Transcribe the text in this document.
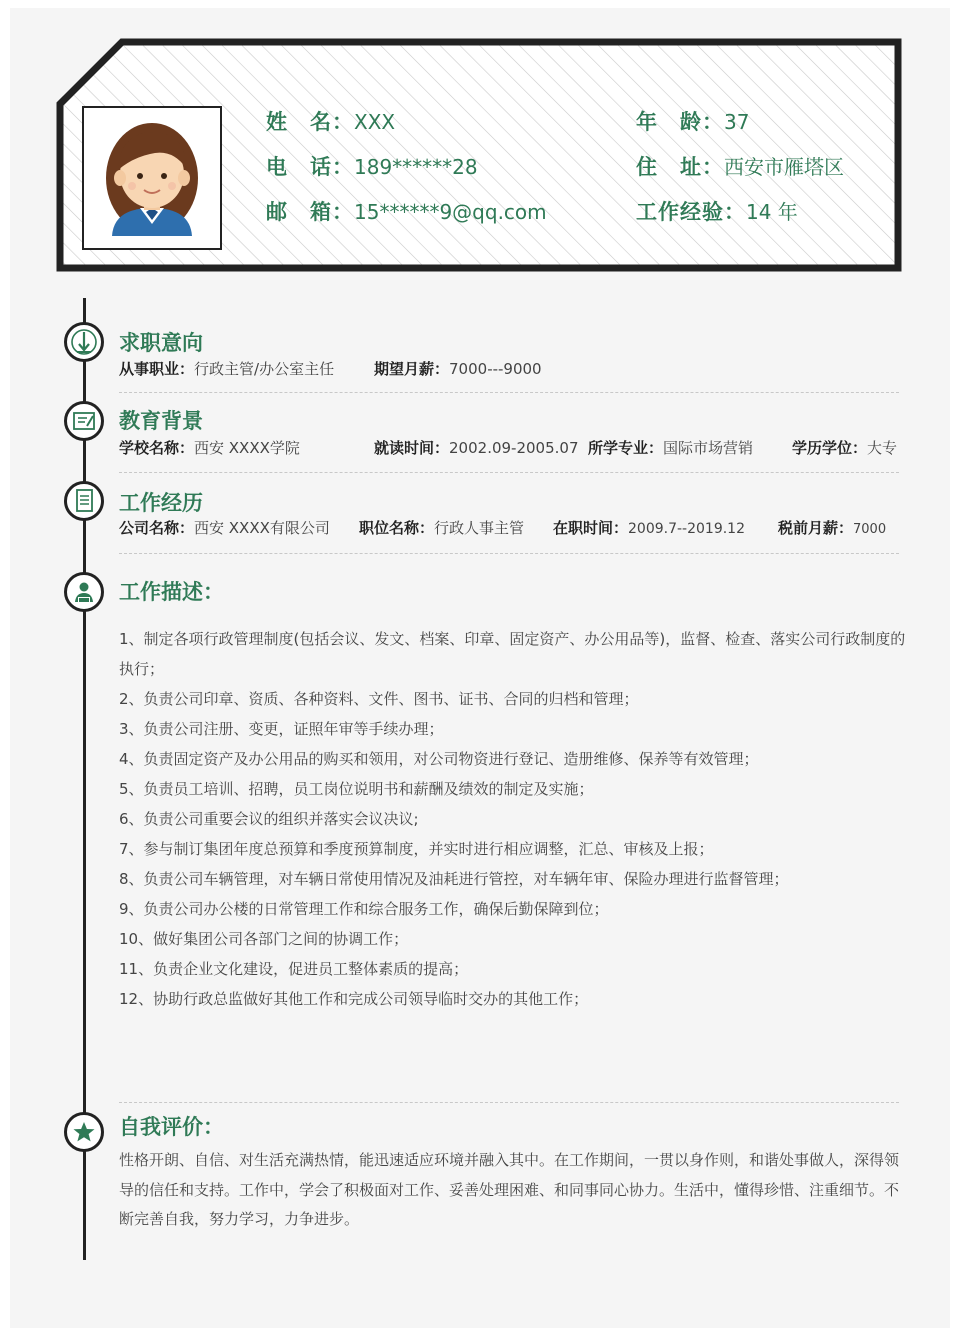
姓　名：XXX
电　话：189******28
邮　箱：15******9@qq.com
年　龄：37
住　址：西安市雁塔区
工作经验：14 年
求职意向
从事职业：行政主管/办公室主任	期望月薪：7000---9000
教育背景
学校名称：西安 XXXX学院	就读时间：2002.09-2005.07 所学专业：国际市场营销	学历学位：大专
工作经历
公司名称：西安 XXXX有限公司 职位名称：行政人事主管 在职时间：2009.7--2019.12 税前月薪：7000
工作描述：

1、制定各项行政管理制度(包括会议、发文、档案、印章、固定资产、办公用品等)，监督、检查、落实公司行政制度的执行；

2、负责公司印章、资质、各种资料、文件、图书、证书、合同的归档和管理；

3、负责公司注册、变更，证照年审等手续办理；

4、负责固定资产及办公用品的购买和领用，对公司物资进行登记、造册维修、保养等有效管理；

5、负责员工培训、招聘，员工岗位说明书和薪酬及绩效的制定及实施；

6、负责公司重要会议的组织并落实会议决议;

7、参与制订集团年度总预算和季度预算制度，并实时进行相应调整，汇总、审核及上报；

8、负责公司车辆管理，对车辆日常使用情况及油耗进行管控，对车辆年审、保险办理进行监督管理；

9、负责公司办公楼的日常管理工作和综合服务工作，确保后勤保障到位；

10、做好集团公司各部门之间的协调工作；

11、负责企业文化建设，促进员工整体素质的提高；

12、协助行政总监做好其他工作和完成公司领导临时交办的其他工作；

自我评价：
性格开朗、自信、对生活充满热情，能迅速适应环境并融入其中。在工作期间，一贯以身作则，和谐处事做人，深得领导的信任和支持。工作中，学会了积极面对工作、妥善处理困难、和同事同心协力。生活中，懂得珍惜、注重细节。不断完善自我，努力学习，力争进步。
